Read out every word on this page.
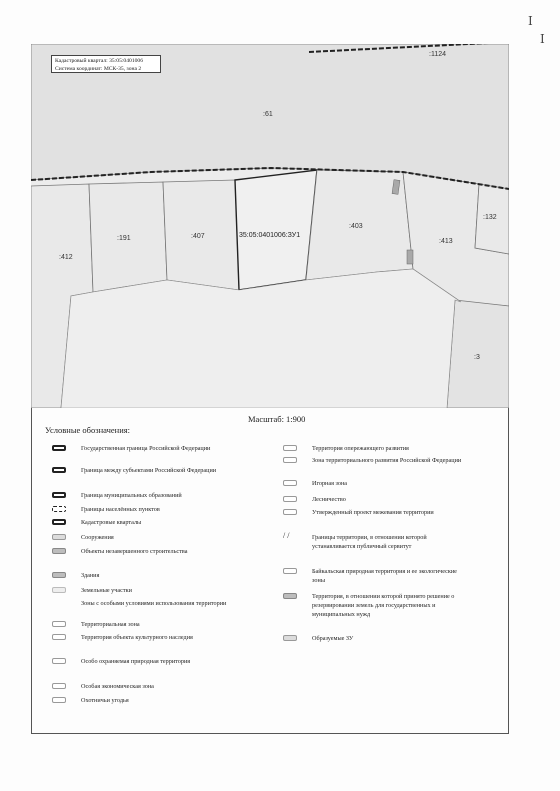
:1124
:61
:412
:191	:407	35:05:0401006:ЗУ1
:403
:413
:132
:3
Кадастровый квартал: 35:05:0401006
Система координат: МСК-35, зона 2
I
I
Масштаб: 1:900
Условные обозначения:
Государственная граница Российской Федерации
Граница между субъектами Российской Федерации
Граница муниципальных образований
Границы населённых пунктов
Кадастровые кварталы
Сооружения
Объекты незавершенного строительства
Здания
Земельные участки
Зоны с особыми условиями использования территории
Территориальная зона
Территория объекта культурного наследия
Особо охраняемая природная территория
Особая экономическая зона
Охотничьи угодья
Территория опережающего развития
Зона территориального развития Российской Федерации
Игорная зона
Лесничество
Утвержденный проект межевания территории
/ /	Границы территории, в отношении которой устанавливается публичный сервитут
Байкальская природная территория и ее экологические зоны
Территория, в отношении которой принято решение о резервировании земель для государственных и муниципальных нужд
Образуемые ЗУ
